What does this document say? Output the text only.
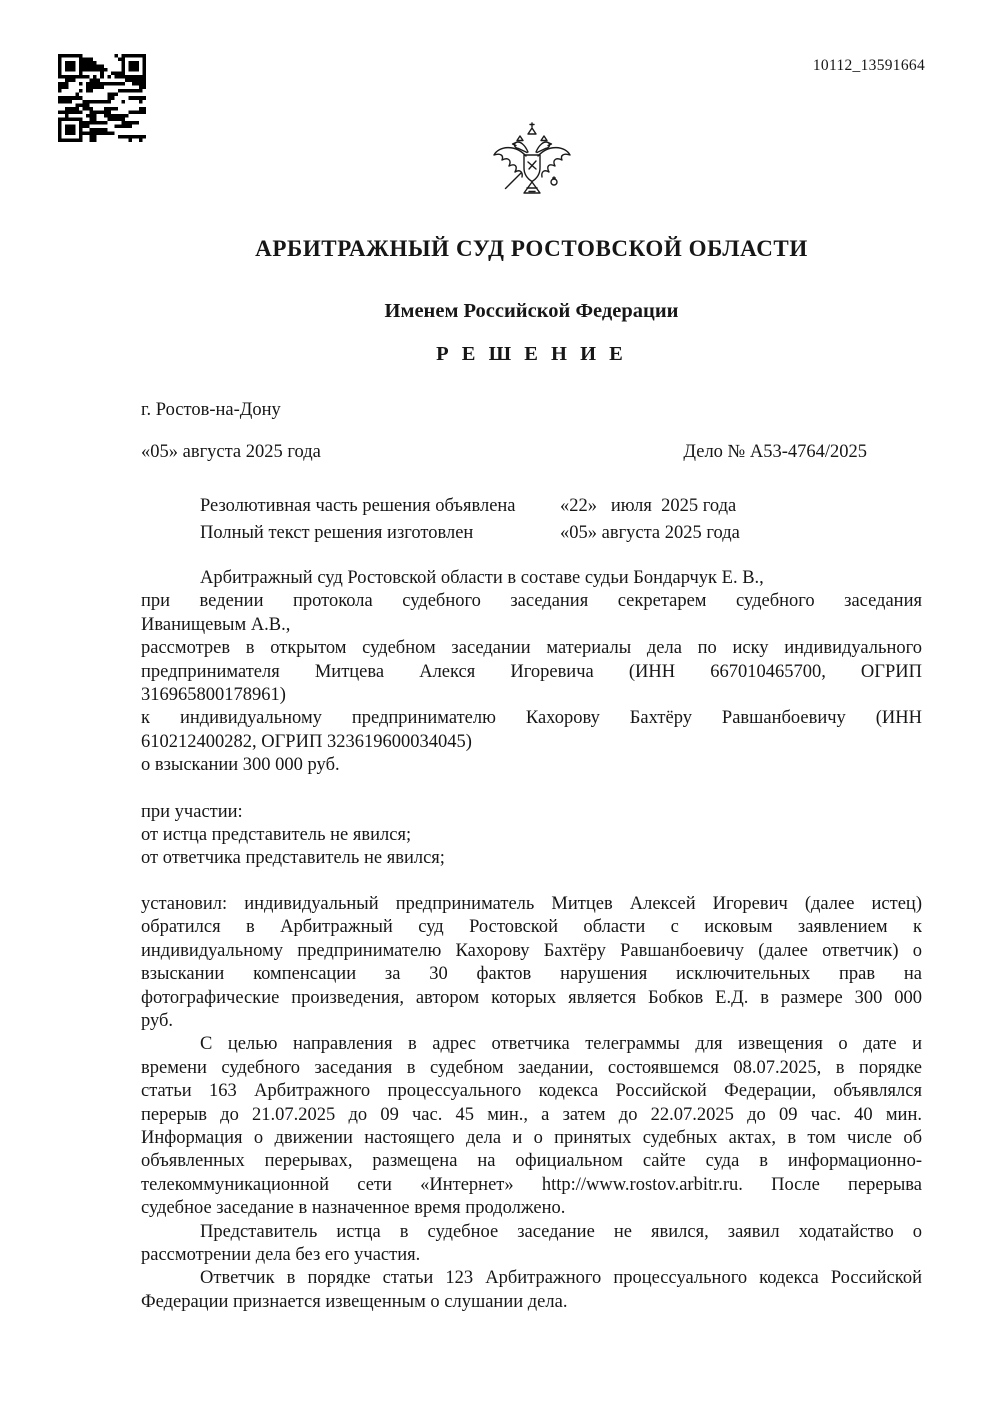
10112_13591664
АРБИТРАЖНЫЙ СУД РОСТОВСКОЙ ОБЛАСТИ
Именем Российской Федерации
Р Е Ш Е Н И Е
г. Ростов-на-Дону
«05» августа 2025 года	Дело № А53-4764/2025
Резолютивная часть решения объявлена «22»   июля  2025 года
Полный текст решения изготовлен	«05» августа 2025 года
Арбитражный суд Ростовской области в составе судьи Бондарчук Е. В.,
при ведении протокола судебного заседания секретарем судебного заседания
Иванищевым А.В.,
рассмотрев в открытом судебном заседании материалы дела по иску индивидуального
предпринимателя Митцева Алекся Игоревича (ИНН 667010465700, ОГРИП
316965800178961)
к индивидуальному предпринимателю Кахорову Бахтёру Равшанбоевичу (ИНН
610212400282, ОГРИП 323619600034045)
о взыскании 300 000 руб.
при участии:
от истца представитель не явился;
от ответчика представитель не явился;
установил: индивидуальный предприниматель Митцев Алексей Игоревич (далее истец)
обратился в Арбитражный суд Ростовской области с исковым заявлением к
индивидуальному предпринимателю Кахорову Бахтёру Равшанбоевичу (далее ответчик) о
взыскании компенсации за 30 фактов нарушения исключительных прав на
фотографические произведения, автором которых является Бобков Е.Д. в размере 300 000
руб.
С целью направления в адрес ответчика телеграммы для извещения о дате и
времени судебного заседания в судебном заедании, состоявшемся 08.07.2025, в порядке
статьи 163 Арбитражного процессуального кодекса Российской Федерации, объявлялся
перерыв до 21.07.2025 до 09 час. 45 мин., а затем до 22.07.2025 до 09 час. 40 мин.
Информация о движении настоящего дела и о принятых судебных актах, в том числе об
объявленных перерывах, размещена на официальном сайте суда в информационно-
телекоммуникационной сети «Интернет» http://www.rostov.arbitr.ru. После перерыва
судебное заседание в назначенное время продолжено.
Представитель истца в судебное заседание не явился, заявил ходатайство о
рассмотрении дела без его участия.
Ответчик в порядке статьи 123 Арбитражного процессуального кодекса Российской
Федерации признается извещенным о слушании дела.
